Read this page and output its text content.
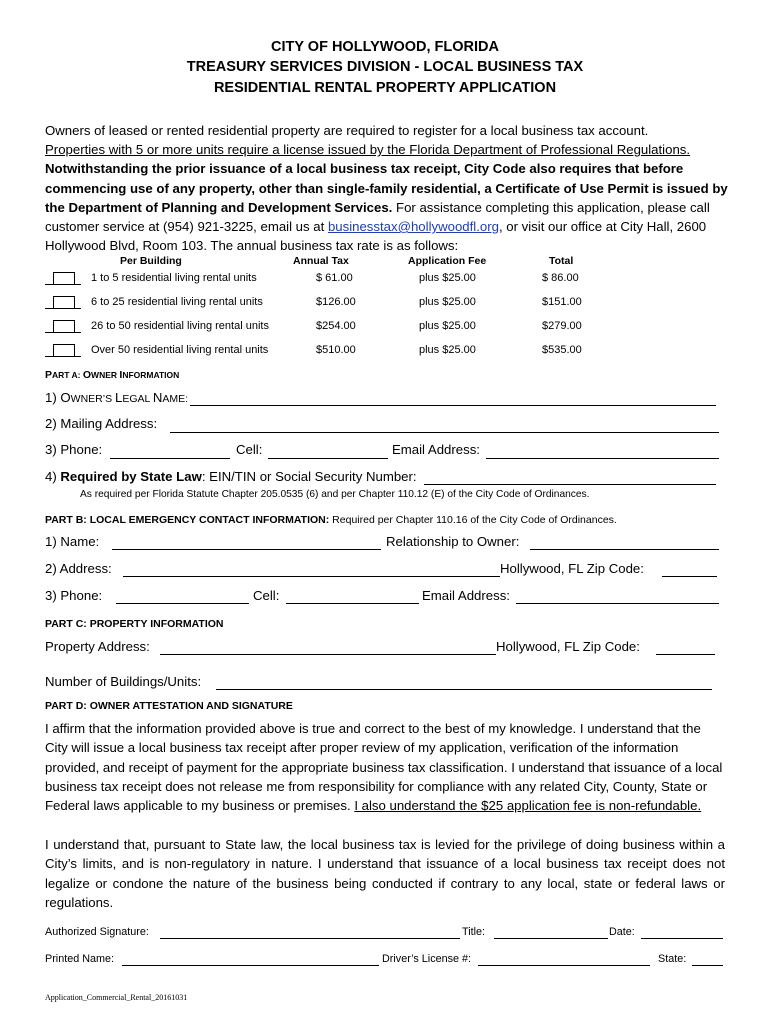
CITY OF HOLLYWOOD, FLORIDA
TREASURY SERVICES DIVISION - LOCAL BUSINESS TAX
RESIDENTIAL RENTAL PROPERTY APPLICATION
Owners of leased or rented residential property are required to register for a local business tax account.
Properties with 5 or more units require a license issued by the Florida Department of Professional Regulations.
Notwithstanding the prior issuance of a local business tax receipt, City Code also requires that before commencing use of any property, other than single-family residential, a Certificate of Use Permit is issued by the Department of Planning and Development Services. For assistance completing this application, please call customer service at (954) 921-3225, email us at businesstax@hollywoodfl.org, or visit our office at City Hall, 2600 Hollywood Blvd, Room 103. The annual business tax rate is as follows:
Per Building	Annual Tax	Application Fee	Total
1 to 5 residential living rental units	$ 61.00	plus $25.00	$ 86.00
6 to 25 residential living rental units	$126.00	plus $25.00	$151.00
26 to 50 residential living rental units	$254.00	plus $25.00	$279.00
Over 50 residential living rental units	$510.00	plus $25.00	$535.00
PART A: OWNER INFORMATION
1) OWNER’S LEGAL NAME:
2) Mailing Address:
3) Phone:	Cell:	Email Address:
4) Required by State Law: EIN/TIN or Social Security Number:
As required per Florida Statute Chapter 205.0535 (6) and per Chapter 110.12 (E) of the City Code of Ordinances.
PART B: LOCAL EMERGENCY CONTACT INFORMATION: Required per Chapter 110.16 of the City Code of Ordinances.
1) Name:	Relationship to Owner:
2) Address:	Hollywood, FL Zip Code:
3) Phone:	Cell:	Email Address:
PART C: PROPERTY INFORMATION
Property Address:	Hollywood, FL Zip Code:
Number of Buildings/Units:
PART D: OWNER ATTESTATION AND SIGNATURE
I affirm that the information provided above is true and correct to the best of my knowledge. I understand that the City will issue a local business tax receipt after proper review of my application, verification of the information provided, and receipt of payment for the appropriate business tax classification. I understand that issuance of a local business tax receipt does not release me from responsibility for compliance with any related City, County, State or Federal laws applicable to my business or premises. I also understand the $25 application fee is non-refundable.
I understand that, pursuant to State law, the local business tax is levied for the privilege of doing business within a City’s limits, and is non-regulatory in nature. I understand that issuance of a local business tax receipt does not legalize or condone the nature of the business being conducted if contrary to any local, state or federal laws or regulations.
Authorized Signature:	Title:	Date:
Printed Name:	Driver’s License #:	State:
Application_Commercial_Rental_20161031
